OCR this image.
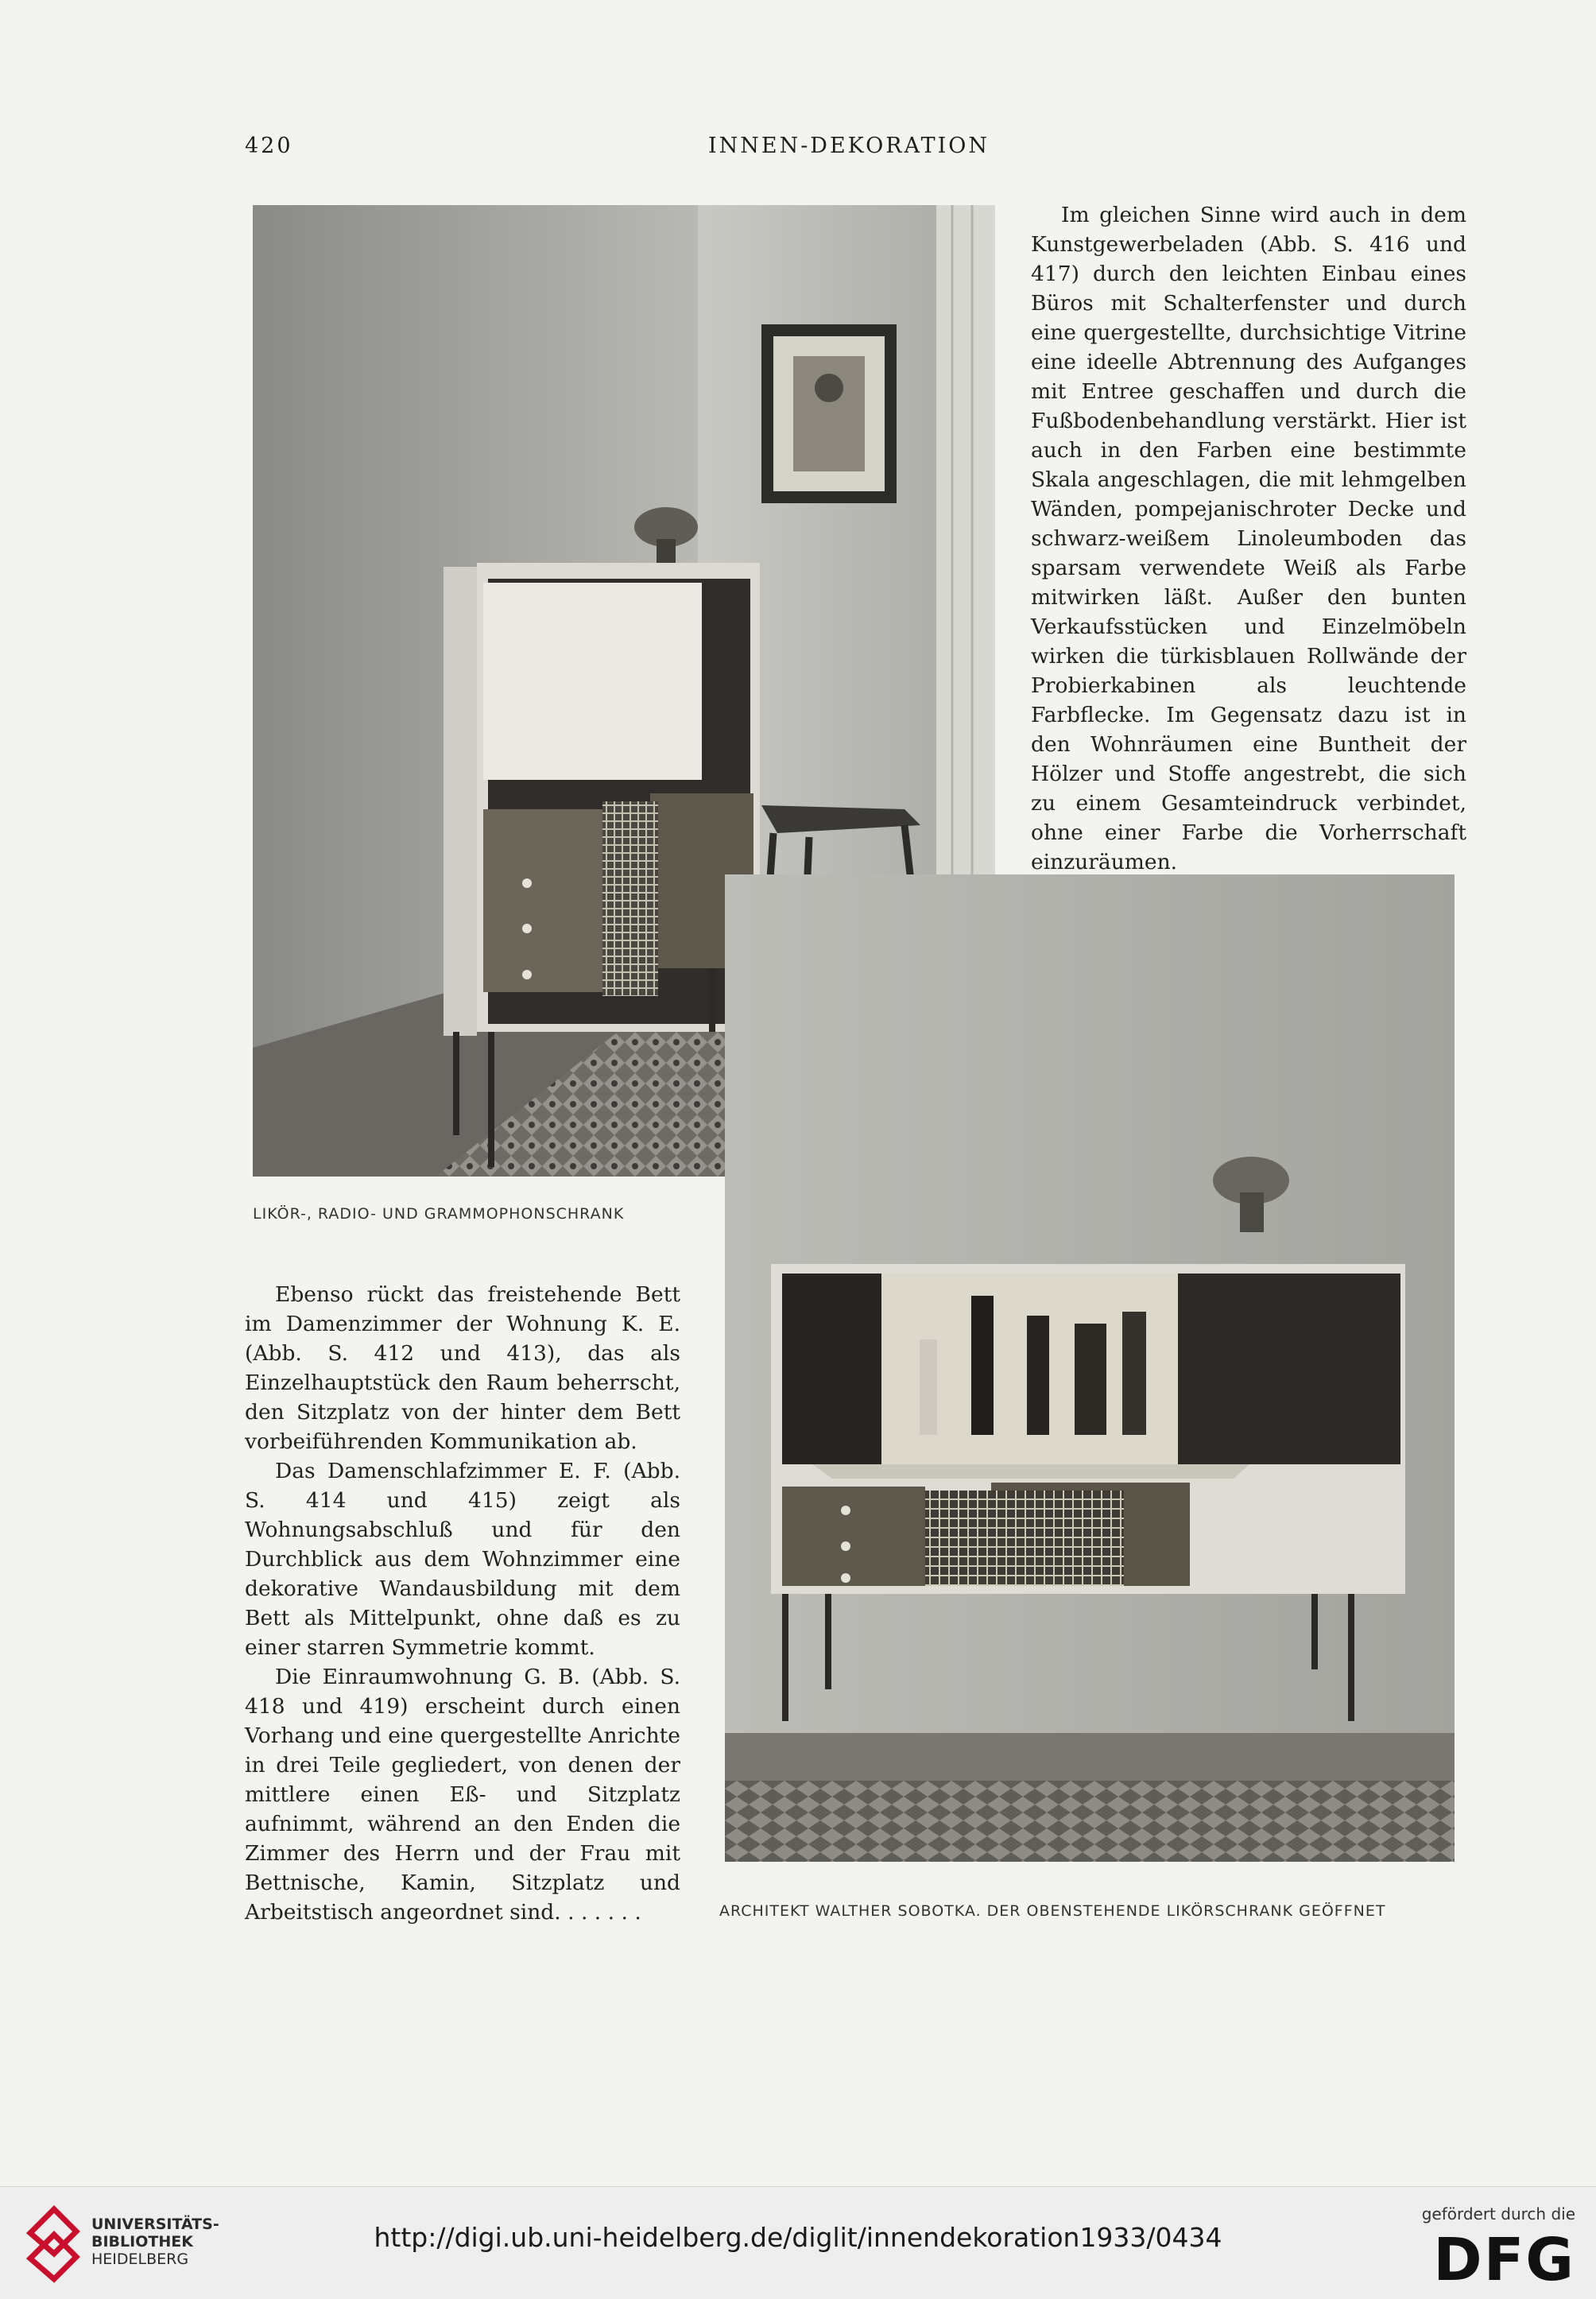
420	INNEN-DEKORATION

Im gleichen Sinne wird auch in dem Kunstgewerbeladen (Abb. S. 416 und 417) durch den leichten Einbau eines Büros mit Schalterfenster und durch eine quergestellte, durchsichtige Vitrine eine ideelle Abtrennung des Aufganges mit Entree geschaffen und durch die Fußbodenbehandlung verstärkt. Hier ist auch in den Farben eine bestimmte Skala angeschlagen, die mit lehmgelben Wänden, pompejanischroter Decke und schwarz-weißem Linoleumboden das sparsam verwendete Weiß als Farbe mitwirken läßt. Außer den bunten Verkaufsstücken und Einzelmöbeln wirken die türkisblauen Rollwände der Probierkabinen als leuchtende Farbflecke. Im Gegensatz dazu ist in den Wohnräumen eine Buntheit der Hölzer und Stoffe angestrebt, die sich zu einem Gesamteindruck verbindet, ohne einer Farbe die Vorherrschaft einzuräumen.

LIKÖR-, RADIO- UND GRAMMOPHONSCHRANK

Ebenso rückt das freistehende Bett im Damenzimmer der Wohnung K. E. (Abb. S. 412 und 413), das als Einzelhauptstück den Raum beherrscht, den Sitzplatz von der hinter dem Bett vorbeiführenden Kommunikation ab.

Das Damenschlafzimmer E. F. (Abb. S. 414 und 415) zeigt als Wohnungsabschluß und für den Durchblick aus dem Wohnzimmer eine dekorative Wandausbildung mit dem Bett als Mittelpunkt, ohne daß es zu einer starren Symmetrie kommt.

Die Einraumwohnung G. B. (Abb. S. 418 und 419) erscheint durch einen Vorhang und eine quergestellte Anrichte in drei Teile gegliedert, von denen der mittlere einen Eß- und Sitzplatz aufnimmt, während an den Enden die Zimmer des Herrn und der Frau mit Bettnische, Kamin, Sitzplatz und Arbeitstisch angeordnet sind. . . . . . .	ARCHITEKT WALTHER SOBOTKA. DER OBENSTEHENDE LIKÖRSCHRANK GEÖFFNET
UNIVERSITÄTS-
BIBLIOTHEK
HEIDELBERG
http://digi.ub.uni-heidelberg.de/diglit/innendekoration1933/0434
gefördert durch die
DFG
